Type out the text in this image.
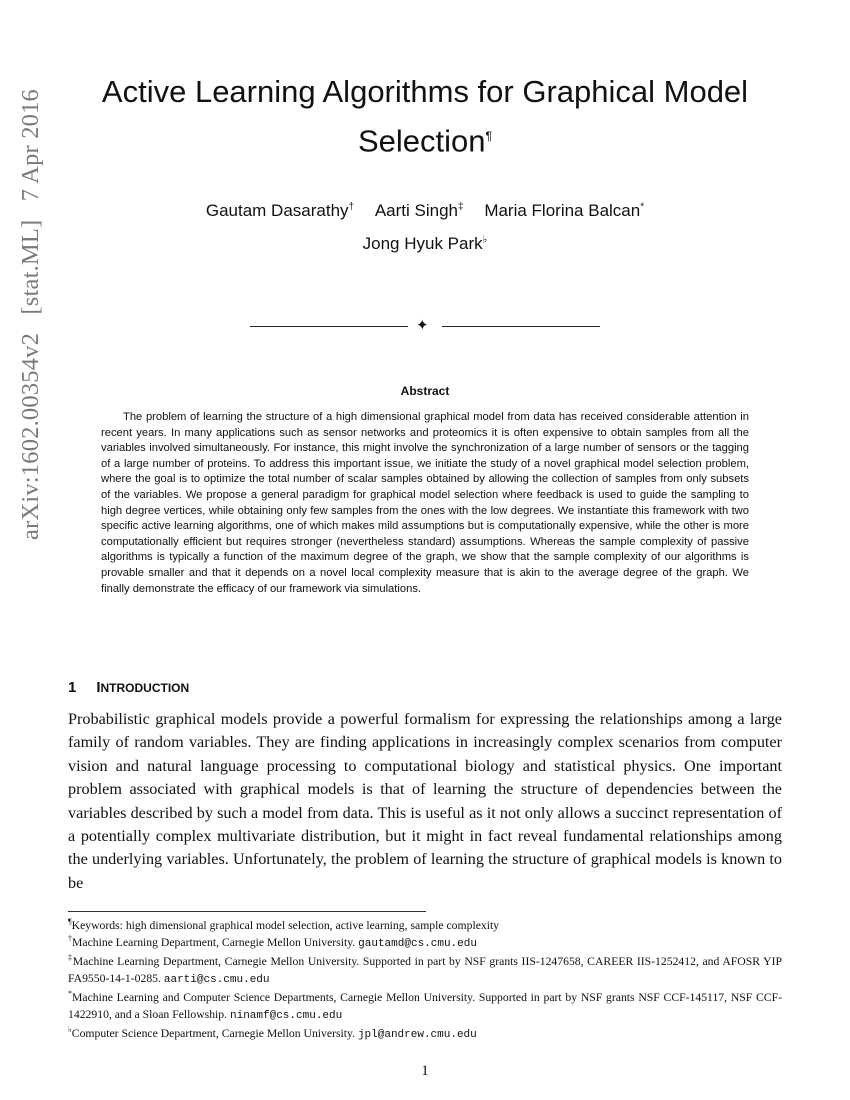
arXiv:1602.00354v2 [stat.ML] 7 Apr 2016	Active Learning Algorithms for Graphical Model
Selection¶
Gautam Dasarathy† Aarti Singh‡ Maria Florina Balcan*
Jong Hyuk Park♭
✦
Abstract

The problem of learning the structure of a high dimensional graphical model from data has received considerable attention in recent years. In many applications such as sensor networks and proteomics it is often expensive to obtain samples from all the variables involved simultaneously. For instance, this might involve the synchronization of a large number of sensors or the tagging of a large number of proteins. To address this important issue, we initiate the study of a novel graphical model selection problem, where the goal is to optimize the total number of scalar samples obtained by allowing the collection of samples from only subsets of the variables. We propose a general paradigm for graphical model selection where feedback is used to guide the sampling to high degree vertices, while obtaining only few samples from the ones with the low degrees. We instantiate this framework with two specific active learning algorithms, one of which makes mild assumptions but is computationally expensive, while the other is more computationally efficient but requires stronger (nevertheless standard) assumptions. Whereas the sample complexity of passive algorithms is typically a function of the maximum degree of the graph, we show that the sample complexity of our algorithms is provable smaller and that it depends on a novel local complexity measure that is akin to the average degree of the graph. We finally demonstrate the efficacy of our framework via simulations.

1 INTRODUCTION

Probabilistic graphical models provide a powerful formalism for expressing the relationships among a large family of random variables. They are finding applications in increasingly complex scenarios from computer vision and natural language processing to computational biology and statistical physics. One important problem associated with graphical models is that of learning the structure of dependencies between the variables described by such a model from data. This is useful as it not only allows a succinct representation of a potentially complex multivariate distribution, but it might in fact reveal fundamental relationships among the underlying variables. Unfortunately, the problem of learning the structure of graphical models is known to be

¶Keywords: high dimensional graphical model selection, active learning, sample complexity
†Machine Learning Department, Carnegie Mellon University. gautamd@cs.cmu.edu
‡Machine Learning Department, Carnegie Mellon University. Supported in part by NSF grants IIS-1247658, CAREER IIS-1252412, and AFOSR YIP FA9550-14-1-0285. aarti@cs.cmu.edu
*Machine Learning and Computer Science Departments, Carnegie Mellon University. Supported in part by NSF grants NSF CCF-145117, NSF CCF-1422910, and a Sloan Fellowship. ninamf@cs.cmu.edu
♭Computer Science Department, Carnegie Mellon University. jpl@andrew.cmu.edu
1
